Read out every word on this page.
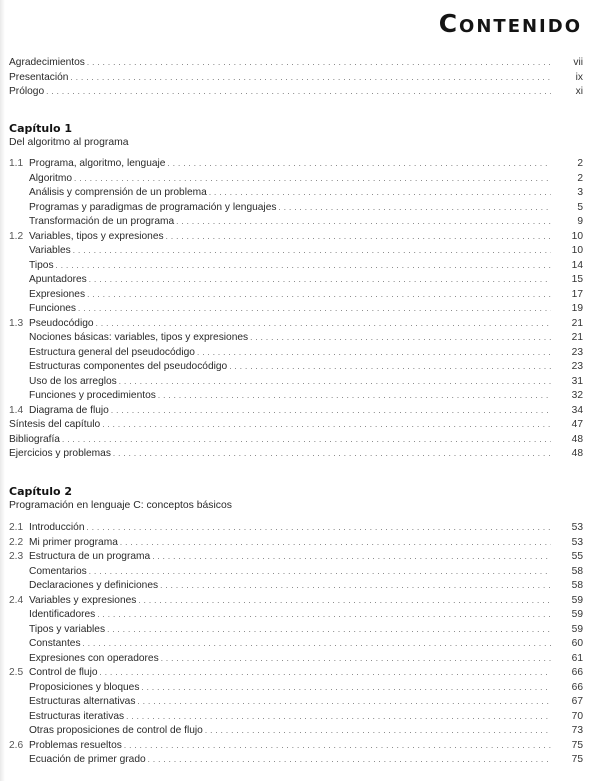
Contenido
Agradecimientos . . .	vii
Presentación . . .	ix
Prólogo . . .	xi
Capítulo 1
Del algoritmo al programa
1.1 Programa, algoritmo, lenguaje . . .	2
Algoritmo . . .	2
Análisis y comprensión de un problema . . .	3
Programas y paradigmas de programación y lenguajes . . .	5
Transformación de un programa . . .	9
1.2 Variables, tipos y expresiones . . .	10
Variables . . .	10
Tipos . . .	14
Apuntadores . . .	15
Expresiones . . .	17
Funciones . . .	19
1.3 Pseudocódigo . . .	21
Nociones básicas: variables, tipos y expresiones . . .	21
Estructura general del pseudocódigo . . .	23
Estructuras componentes del pseudocódigo . . .	23
Uso de los arreglos . . .	31
Funciones y procedimientos . . .	32
1.4 Diagrama de flujo . . .	34
Síntesis del capítulo . . .	47
Bibliografía . . .	48
Ejercicios y problemas . . .	48
Capítulo 2
Programación en lenguaje C: conceptos básicos
2.1 Introducción . . .	53
2.2 Mi primer programa . . .	53
2.3 Estructura de un programa . . .	55
Comentarios . . .	58
Declaraciones y definiciones . . .	58
2.4 Variables y expresiones . . .	59
Identificadores . . .	59
Tipos y variables . . .	59
Constantes . . .	60
Expresiones con operadores . . .	61
2.5 Control de flujo . . .	66
Proposiciones y bloques . . .	66
Estructuras alternativas . . .	67
Estructuras iterativas . . .	70
Otras proposiciones de control de flujo . . .	73
2.6 Problemas resueltos . . .	75
Ecuación de primer grado . . .	75
